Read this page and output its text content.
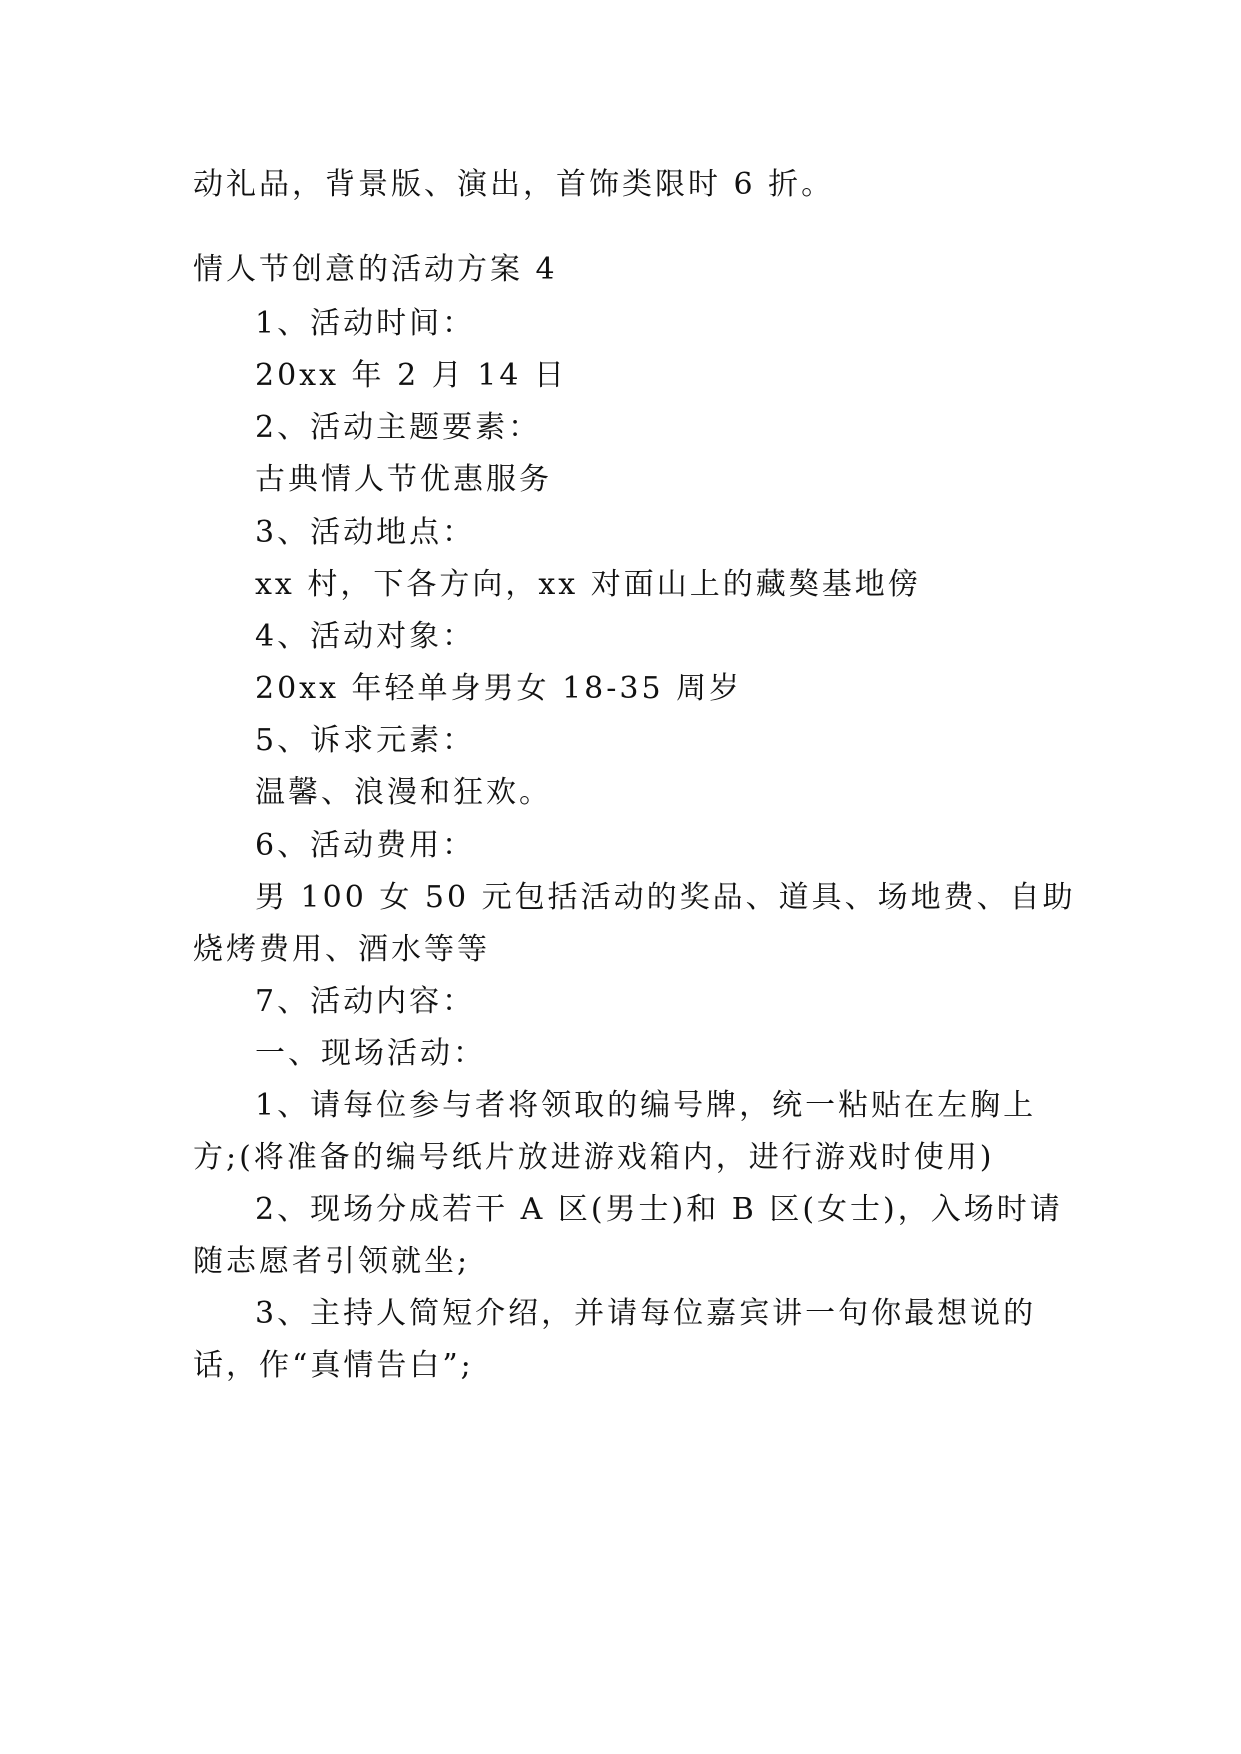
动礼品，背景版、演出，首饰类限时 6 折。
情人节创意的活动方案 4
1、活动时间：
20xx 年 2 月 14 日
2、活动主题要素：
古典情人节优惠服务
3、活动地点：
xx 村，下各方向，xx 对面山上的藏獒基地傍
4、活动对象：
20xx 年轻单身男女 18-35 周岁
5、诉求元素：
温馨、浪漫和狂欢。
6、活动费用：
男 100 女 50 元包括活动的奖品、道具、场地费、自助
烧烤费用、酒水等等
7、活动内容：
一、现场活动：
1、请每位参与者将领取的编号牌，统一粘贴在左胸上
方;(将准备的编号纸片放进游戏箱内，进行游戏时使用)
2、现场分成若干 A 区(男士)和 B 区(女士)，入场时请
随志愿者引领就坐;
3、主持人简短介绍，并请每位嘉宾讲一句你最想说的
话，作“真情告白”;
